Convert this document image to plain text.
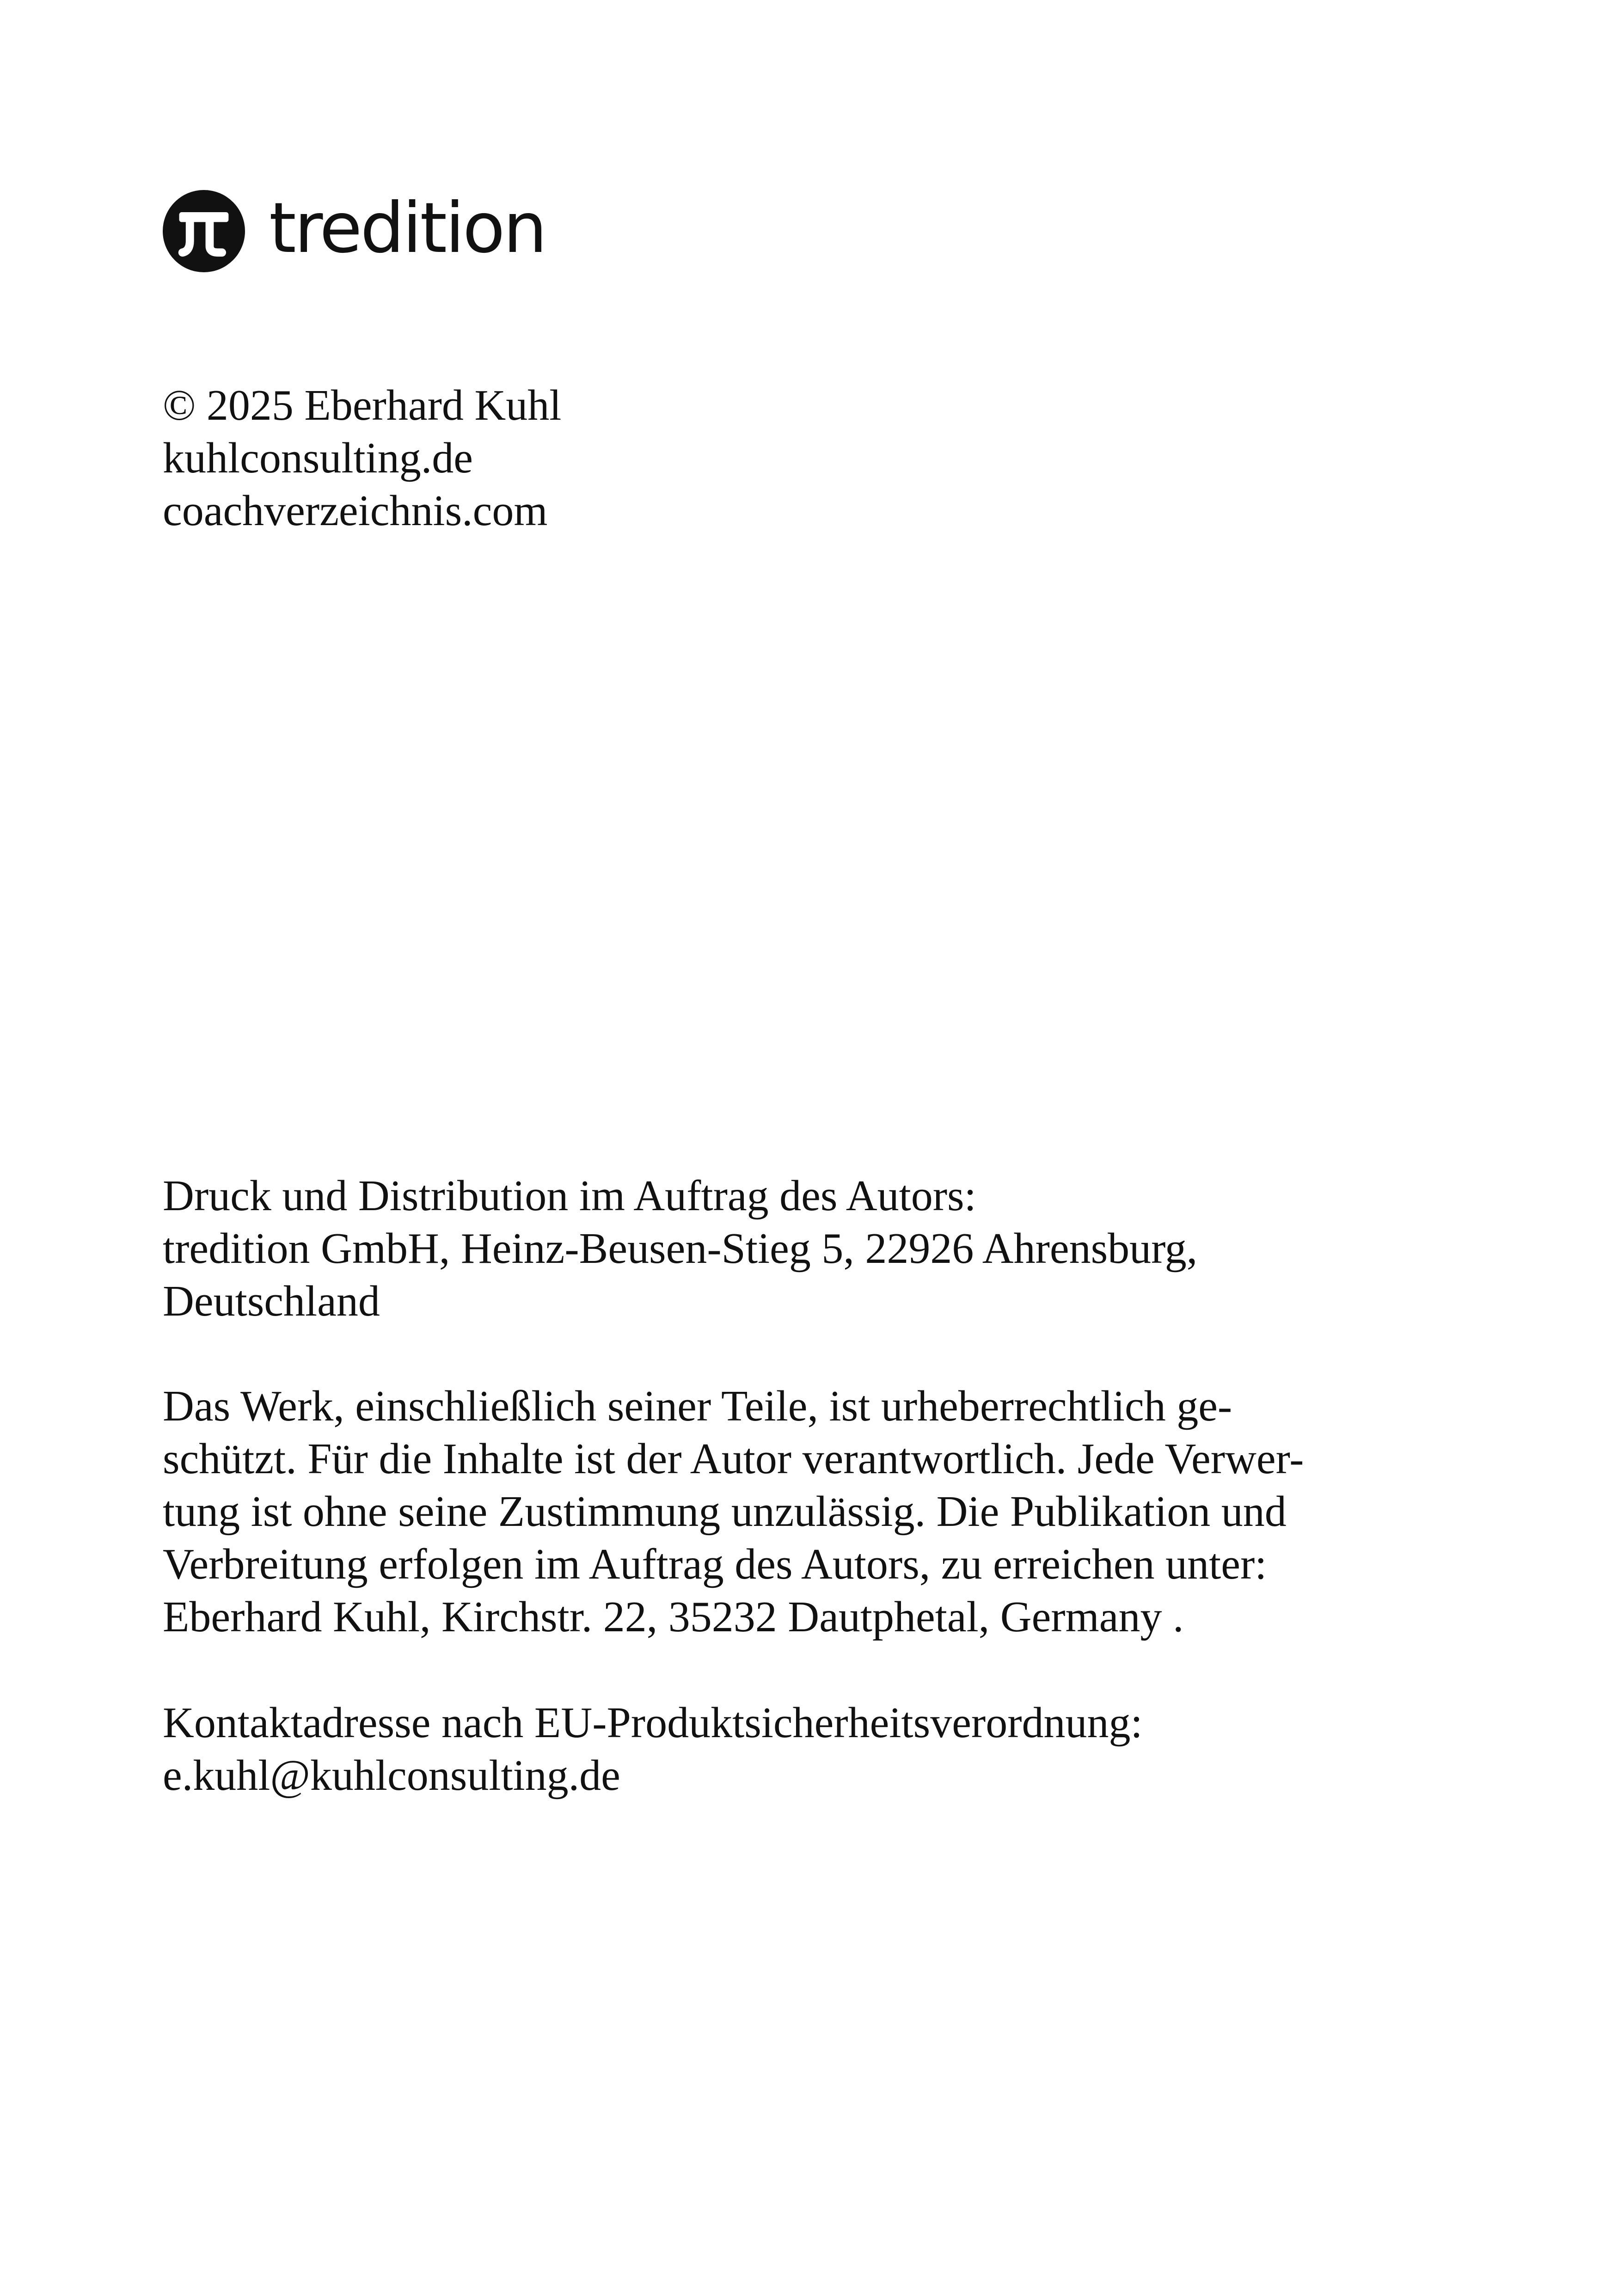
tredition

© 2025 Eberhard Kuhl
kuhlconsulting.de
coachverzeichnis.com

Druck und Distribution im Auftrag des Autors:
tredition GmbH, Heinz-Beusen-Stieg 5, 22926 Ahrensburg,
Deutschland

Das Werk, einschließlich seiner Teile, ist urheberrechtlich ge-
schützt. Für die Inhalte ist der Autor verantwortlich. Jede Verwer-
tung ist ohne seine Zustimmung unzulässig. Die Publikation und
Verbreitung erfolgen im Auftrag des Autors, zu erreichen unter:
Eberhard Kuhl, Kirchstr. 22, 35232 Dautphetal, Germany .

Kontaktadresse nach EU-Produktsicherheitsverordnung:
e.kuhl@kuhlconsulting.de
